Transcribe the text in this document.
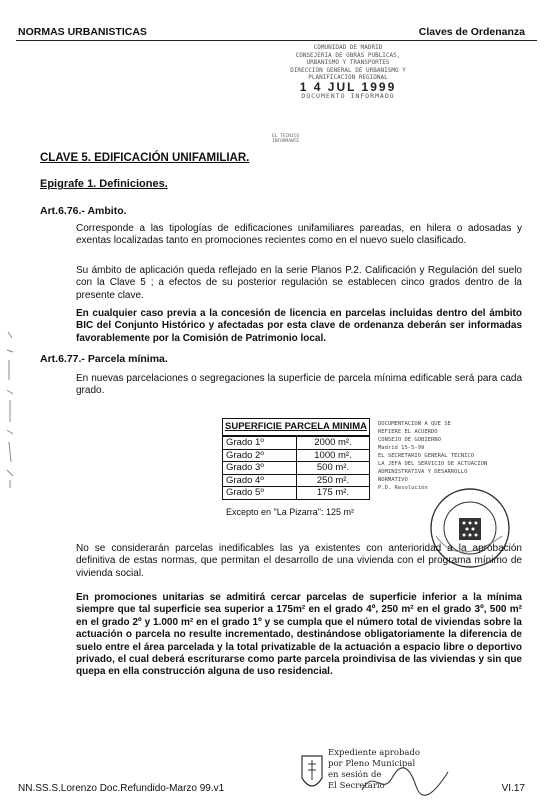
NORMAS URBANISTICAS	Claves de Ordenanza
COMUNIDAD DE MADRID
CONSEJERIA DE OBRAS PUBLICAS,
URBANISMO Y TRANSPORTES
DIRECCION GENERAL DE URBANISMO Y
PLANIFICACION REGIONAL
1 4 JUL 1999
DOCUMENTO INFORMADO
EL TECNICO
INFORMANTE
CLAVE 5. EDIFICACIÓN UNIFAMILIAR.
Epigrafe 1. Definiciones.
Art.6.76.- Ambito.
Corresponde a las tipologías de edificaciones unifamiliares pareadas, en hilera o adosadas y exentas localizadas tanto en promociones recientes como en el nuevo suelo clasificado.
Su ámbito de aplicación queda reflejado en la serie Planos P.2. Calificación y Regulación del suelo con la Clave 5 ; a efectos de su posterior regulación se establecen cinco grados dentro de la presente clave.
En cualquier caso previa a la concesión de licencia en parcelas incluidas dentro del ámbito BIC del Conjunto Histórico y afectadas por esta clave de ordenanza deberán ser informadas favorablemente por la Comisión de Patrimonio local.
Art.6.77.- Parcela mínima.
En nuevas parcelaciones o segregaciones la superficie de parcela mínima edificable será para cada grado.
SUPERFICIE PARCELA MINIMA
Grado 1º	2000 m².
Grado 2º	1000 m².
Grado 3º	500 m².
Grado 4º	250 m².
Grado 5º	175 m².
Excepto en "La Pizarra": 125 m²
DOCUMENTACION A QUE SE
REFIERE EL ACUERDO
CONSEJO DE GOBIERNO
Madrid 15-5-99
EL SECRETARIO GENERAL TECNICO
LA JEFA DEL SERVICIO DE ACTUACION
ADMINISTRATIVA Y DESARROLLO
NORMATIVO
P.D. Resolución
No se considerarán parcelas inedificables las ya existentes con anterioridad a la aprobación definitiva de estas normas, que permitan el desarrollo de una vivienda con el programa mínimo de vivienda social.
En promociones unitarias se admitirá cercar parcelas de superficie inferior a la mínima siempre que tal superficie sea superior a 175m² en el grado 4º, 250 m² en el grado 3º, 500 m² en el grado 2º y 1.000 m² en el grado 1º y se cumpla que el número total de viviendas sobre la actuación o parcela no resulte incrementado, destinándose obligatoriamente la diferencia de suelo entre el área parcelada y la total privatizable de la actuación a espacio libre o deportivo privado, el cual deberá escriturarse como parte parcela proindivisa de las viviendas y sin que quepa en ella construcción alguna de uso residencial.
Expediente aprobado
por Pleno Municipal
en sesión de
El Secretario
NN.SS.S.Lorenzo Doc.Refundido-Marzo 99.v1	VI.17
